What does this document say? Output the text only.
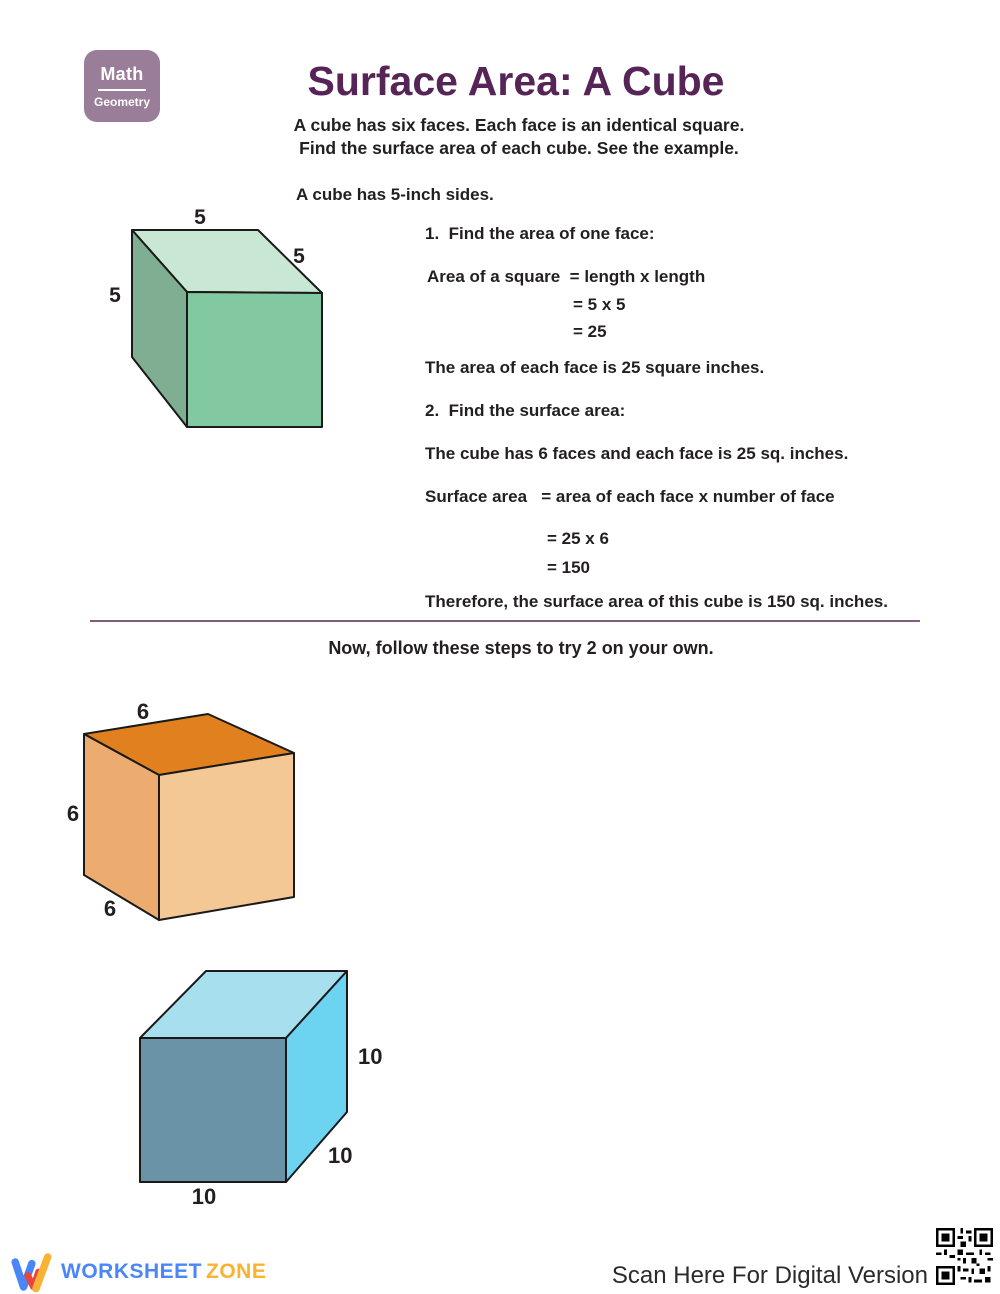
Math
Geometry	Surface Area: A Cube
A cube has six faces. Each face is an identical square.
Find the surface area of each cube. See the example.
A cube has 5-inch sides.
5
5
5
1.  Find the area of one face:
Area of a square  = length x length
= 5 x 5
= 25
The area of each face is 25 square inches.
2.  Find the surface area:
The cube has 6 faces and each face is 25 sq. inches.
Surface area   = area of each face x number of face
= 25 x 6
= 150
Therefore, the surface area of this cube is 150 sq. inches.
Now, follow these steps to try 2 on your own.
6
6
6
10
10
10
WORKSHEET ZONE	Scan Here For Digital Version
